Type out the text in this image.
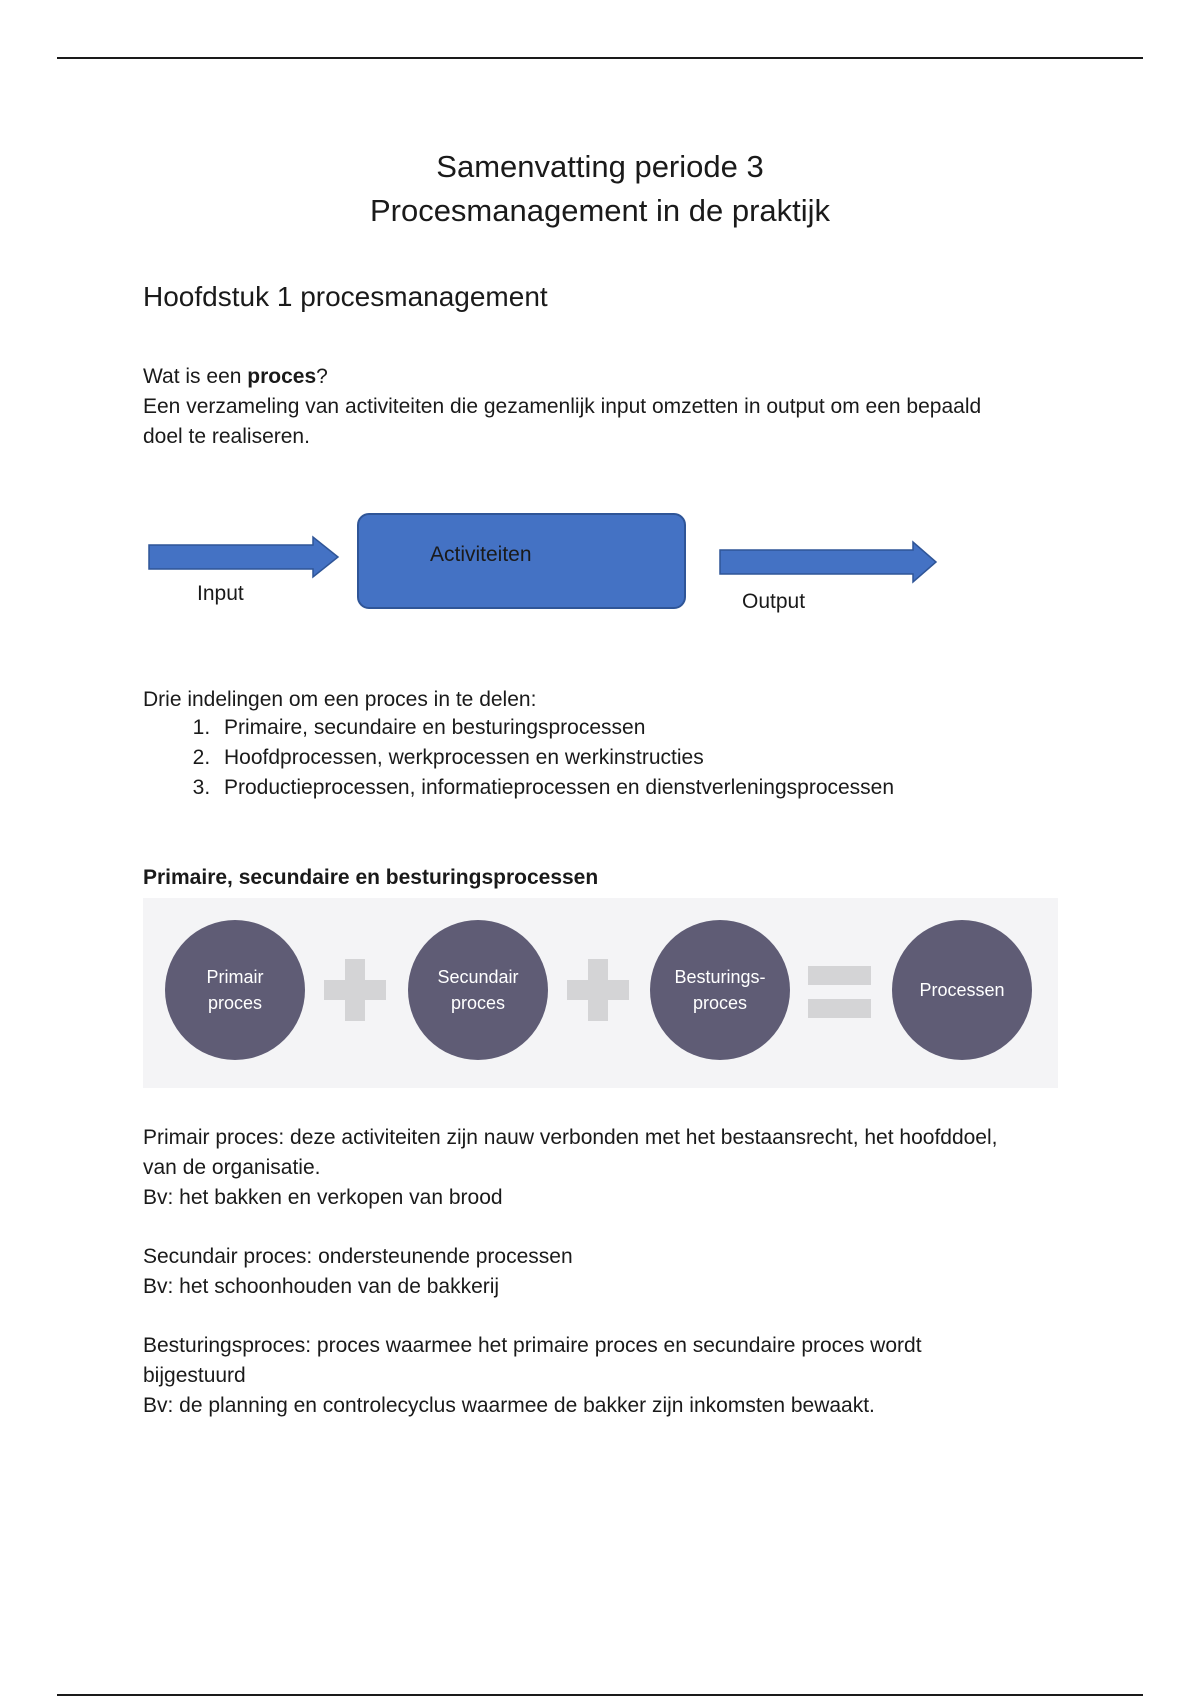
Samenvatting periode 3
Procesmanagement in de praktijk
Hoofdstuk 1 procesmanagement
Wat is een proces?
Een verzameling van activiteiten die gezamenlijk input omzetten in output om een bepaald
doel te realiseren.
Activiteiten
Input	Output
Drie indelingen om een proces in te delen:
1. Primaire, secundaire en besturingsprocessen
2. Hoofdprocessen, werkprocessen en werkinstructies
3. Productieprocessen, informatieprocessen en dienstverleningsprocessen
Primaire, secundaire en besturingsprocessen
Primair
proces
Secundair
proces
Besturings-
proces
Processen
Primair proces: deze activiteiten zijn nauw verbonden met het bestaansrecht, het hoofddoel,
van de organisatie.
Bv: het bakken en verkopen van brood
Secundair proces: ondersteunende processen
Bv: het schoonhouden van de bakkerij
Besturingsproces: proces waarmee het primaire proces en secundaire proces wordt
bijgestuurd
Bv: de planning en controlecyclus waarmee de bakker zijn inkomsten bewaakt.
